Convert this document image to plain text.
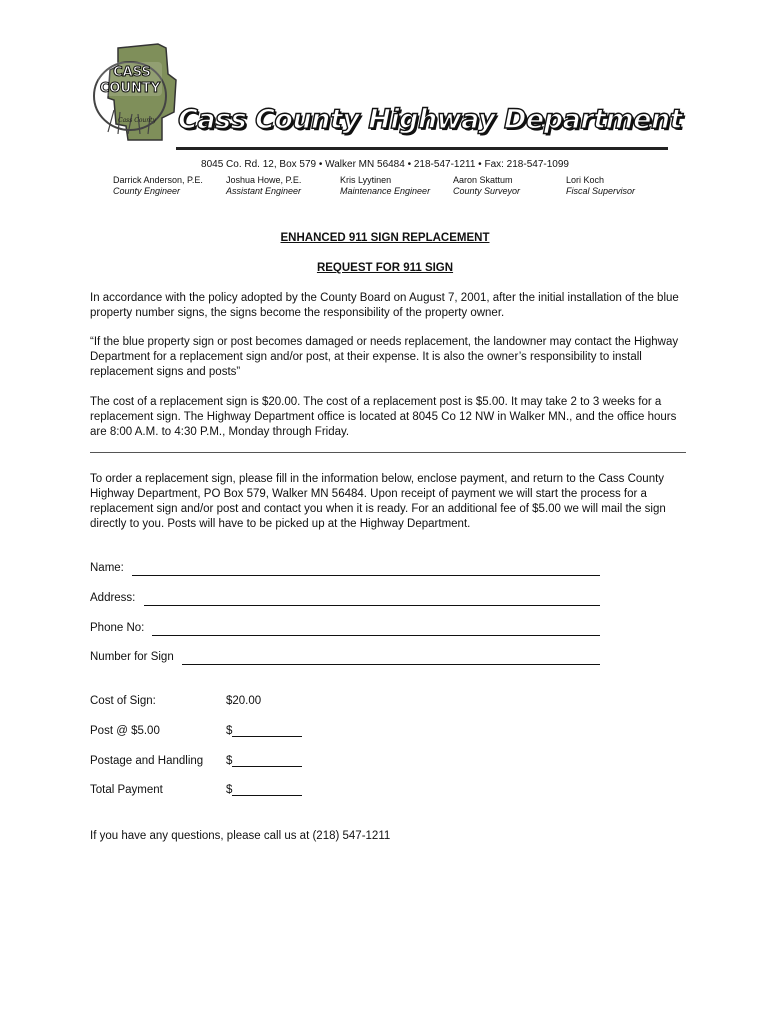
CASS
COUNTY
Cass County Cass County Highway Department
8045 Co. Rd. 12, Box 579 • Walker MN 56484 • 218-547-1211 • Fax: 218-547-1099
Darrick Anderson, P.E.
County Engineer
Joshua Howe, P.E.
Assistant Engineer
Kris Lyytinen
Maintenance Engineer
Aaron Skattum
County Surveyor
Lori Koch
Fiscal Supervisor
ENHANCED 911 SIGN REPLACEMENT
REQUEST FOR 911 SIGN

In accordance with the policy adopted by the County Board on August 7, 2001, after the initial installation of the blue property number signs, the signs become the responsibility of the property owner.

“If the blue property sign or post becomes damaged or needs replacement, the landowner may contact the Highway Department for a replacement sign and/or post, at their expense. It is also the owner’s responsibility to install replacement signs and posts”

The cost of a replacement sign is $20.00. The cost of a replacement post is $5.00. It may take 2 to 3 weeks for a replacement sign. The Highway Department office is located at 8045 Co 12 NW in Walker MN., and the office hours are 8:00 A.M. to 4:30 P.M., Monday through Friday.

To order a replacement sign, please fill in the information below, enclose payment, and return to the Cass County Highway Department, PO Box 579, Walker MN 56484. Upon receipt of payment we will start the process for a replacement sign and/or post and contact you when it is ready. For an additional fee of $5.00 we will mail the sign directly to you. Posts will have to be picked up at the Highway Department.

Name:
Address:
Phone No:
Number for Sign
Cost of Sign:	$20.00
Post @ $5.00	$
Postage and Handling $
Total Payment	$

If you have any questions, please call us at (218) 547-1211
